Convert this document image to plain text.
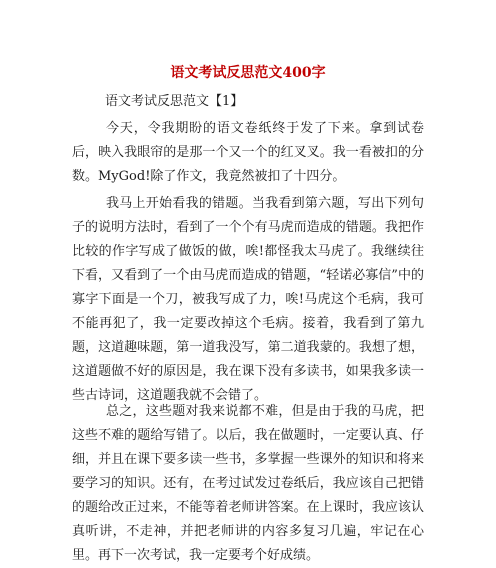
语文考试反思范文400字

语文考试反思范文【1】

今天，令我期盼的语文卷纸终于发了下来。拿到试卷后，映入我眼帘的是那一个又一个的红叉叉。我一看被扣的分数。MyGod!除了作文，我竟然被扣了十四分。

我马上开始看我的错题。当我看到第六题，写出下列句子的说明方法时，看到了一个个有马虎而造成的错题。我把作比较的作字写成了做饭的做，唉!都怪我太马虎了。我继续往下看，又看到了一个由马虎而造成的错题，“轻诺必寡信”中的寡字下面是一个刀，被我写成了力，唉!马虎这个毛病，我可不能再犯了，我一定要改掉这个毛病。接着，我看到了第九题，这道趣味题，第一道我没写，第二道我蒙的。我想了想，这道题做不好的原因是，我在课下没有多读书，如果我多读一些古诗词，这道题我就不会错了。

总之，这些题对我来说都不难，但是由于我的马虎，把这些不难的题给写错了。以后，我在做题时，一定要认真、仔细，并且在课下要多读一些书，多掌握一些课外的知识和将来要学习的知识。还有，在考过试发过卷纸后，我应该自己把错的题给改正过来，不能等着老师讲答案。在上课时，我应该认真听讲，不走神，并把老师讲的内容多复习几遍，牢记在心里。再下一次考试，我一定要考个好成绩。
